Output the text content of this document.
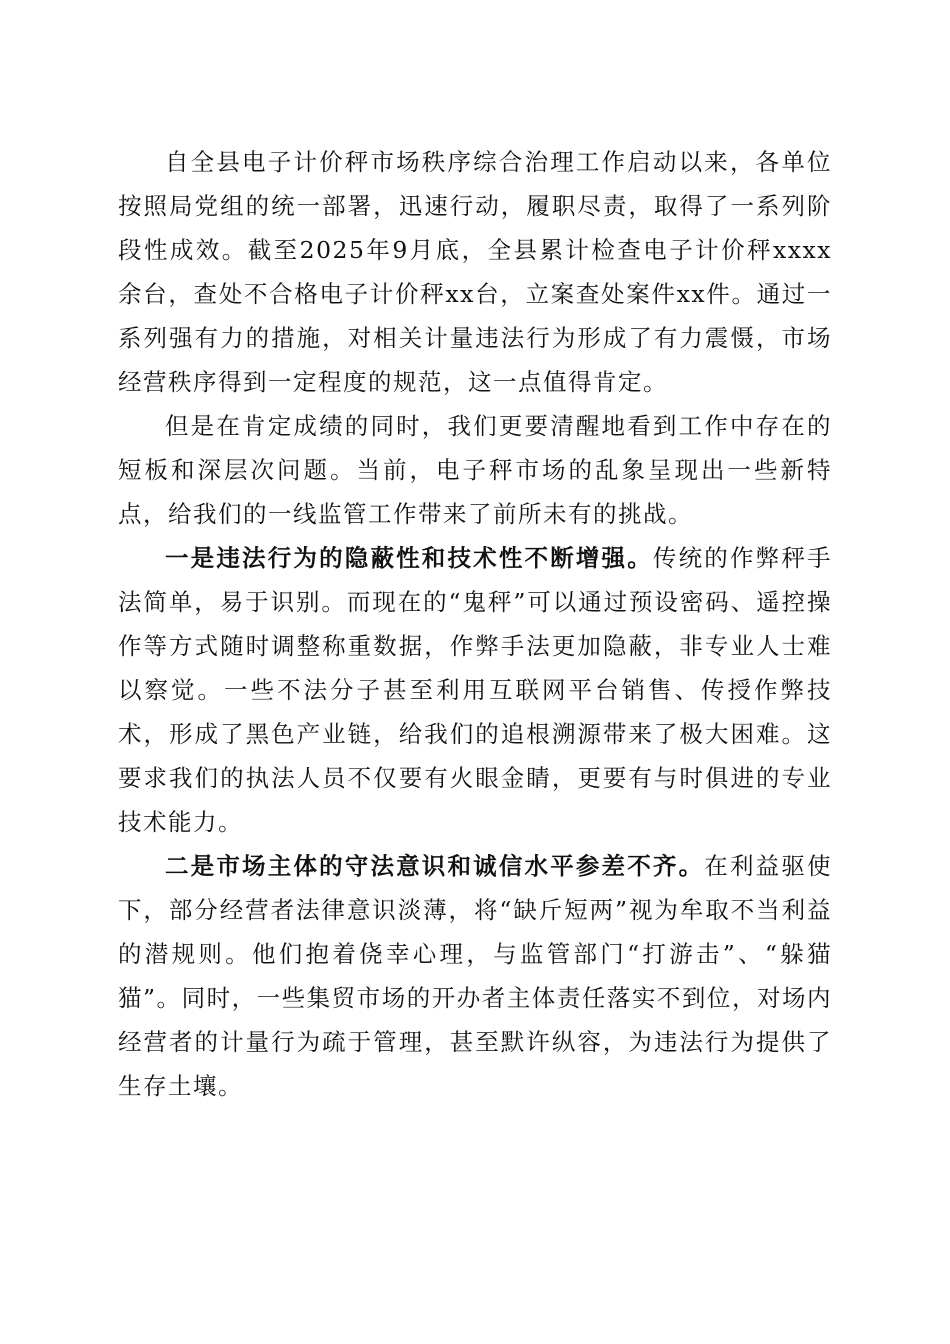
自全县电子计价秤市场秩序综合治理工作启动以来，各单位按照局党组的统一部署，迅速行动，履职尽责，取得了一系列阶段性成效。截至2025年9月底，全县累计检查电子计价秤xxxx余台，查处不合格电子计价秤xx台，立案查处案件xx件。通过一系列强有力的措施，对相关计量违法行为形成了有力震慑，市场经营秩序得到一定程度的规范，这一点值得肯定。

但是在肯定成绩的同时，我们更要清醒地看到工作中存在的短板和深层次问题。当前，电子秤市场的乱象呈现出一些新特点，给我们的一线监管工作带来了前所未有的挑战。

一是违法行为的隐蔽性和技术性不断增强。传统的作弊秤手法简单，易于识别。而现在的“鬼秤”可以通过预设密码、遥控操作等方式随时调整称重数据，作弊手法更加隐蔽，非专业人士难以察觉。一些不法分子甚至利用互联网平台销售、传授作弊技术，形成了黑色产业链，给我们的追根溯源带来了极大困难。这要求我们的执法人员不仅要有火眼金睛，更要有与时俱进的专业技术能力。

二是市场主体的守法意识和诚信水平参差不齐。在利益驱使下，部分经营者法律意识淡薄，将“缺斤短两”视为牟取不当利益的潜规则。他们抱着侥幸心理，与监管部门“打游击”、“躲猫猫”。同时，一些集贸市场的开办者主体责任落实不到位，对场内经营者的计量行为疏于管理，甚至默许纵容，为违法行为提供了生存土壤。
